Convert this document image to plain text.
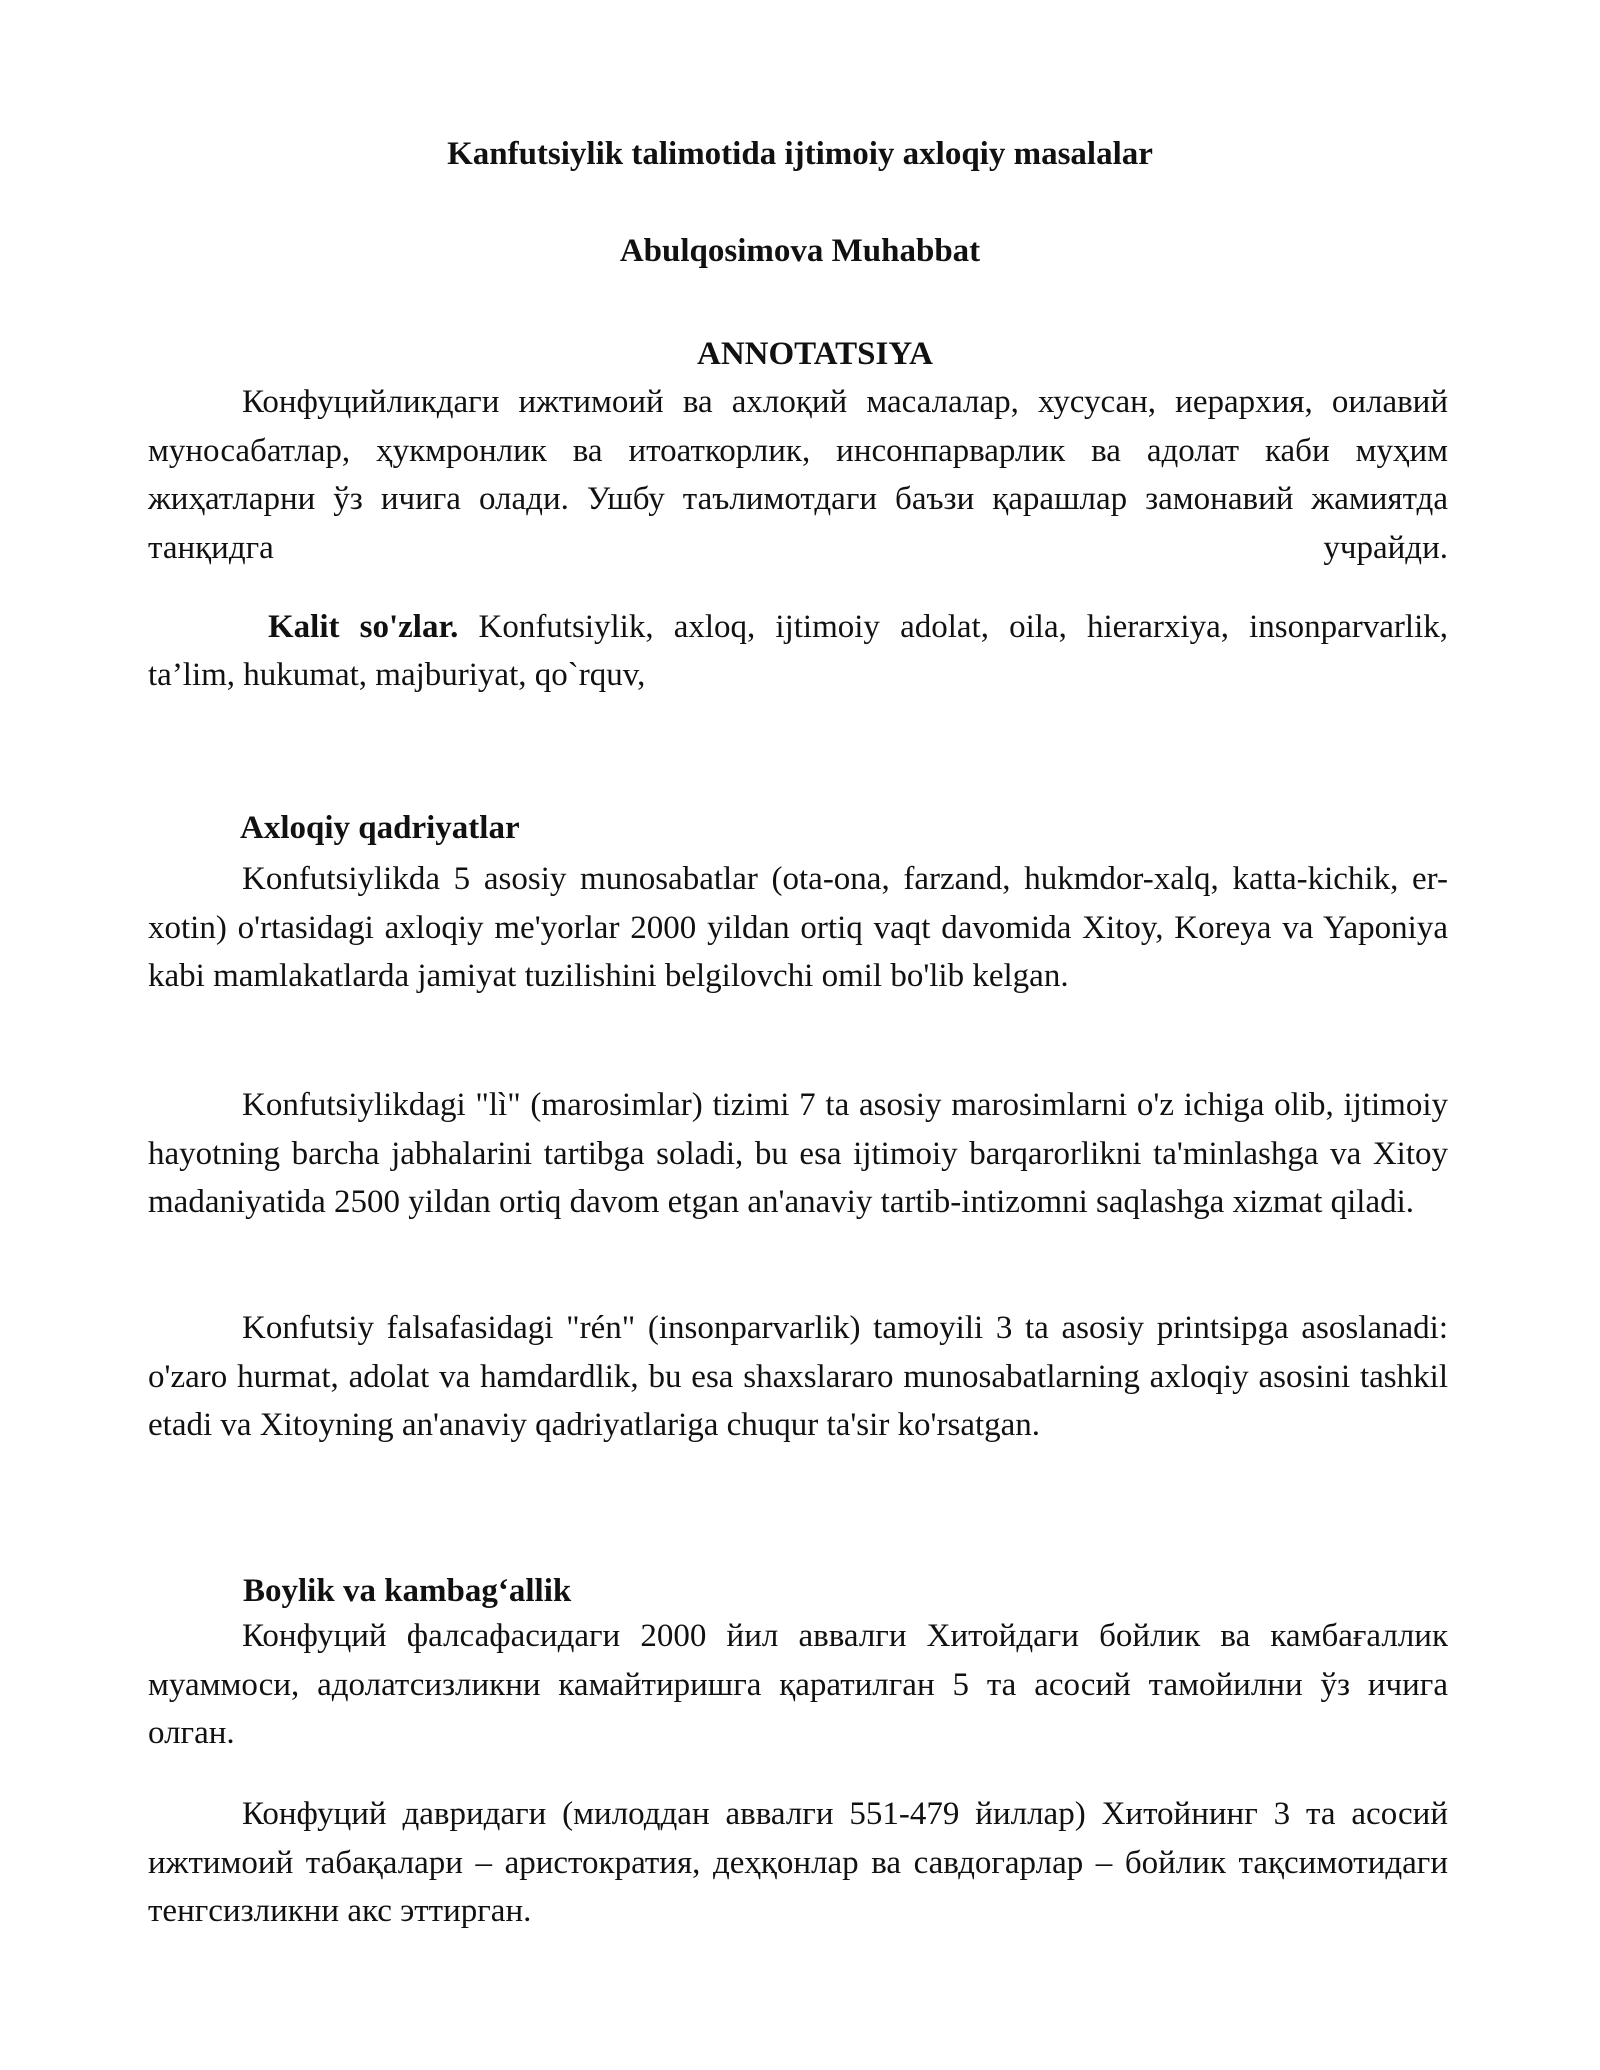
Kanfutsiylik talimotida ijtimoiy axloqiy masalalar
Abulqosimova Muhabbat
ANNOTATSIYA

Конфуцийликдаги ижтимоий ва ахлоқий масалалар, хусусан, иерархия, оилавий муносабатлар, ҳукмронлик ва итоаткорлик, инсонпарварлик ва адолат каби муҳим жиҳатларни ўз ичига олади. Ушбу таълимотдаги баъзи қарашлар замонавий жамиятда танқидга учрайди.

Kalit so'zlar. Konfutsiylik, axloq, ijtimoiy adolat, oila, hierarxiya, insonparvarlik, ta’lim, hukumat, majburiyat, qo`rquv,

Axloqiy qadriyatlar

Konfutsiylikda 5 asosiy munosabatlar (ota-ona, farzand, hukmdor-xalq, katta-kichik, er-xotin) o'rtasidagi axloqiy me'yorlar 2000 yildan ortiq vaqt davomida Xitoy, Koreya va Yaponiya kabi mamlakatlarda jamiyat tuzilishini belgilovchi omil bo'lib kelgan.

Konfutsiylikdagi "lì" (marosimlar) tizimi 7 ta asosiy marosimlarni o'z ichiga olib, ijtimoiy hayotning barcha jabhalarini tartibga soladi, bu esa ijtimoiy barqarorlikni ta'minlashga va Xitoy madaniyatida 2500 yildan ortiq davom etgan an'anaviy tartib-intizomni saqlashga xizmat qiladi.

Konfutsiy falsafasidagi "rén" (insonparvarlik) tamoyili 3 ta asosiy printsipga asoslanadi: o'zaro hurmat, adolat va hamdardlik, bu esa shaxslararo munosabatlarning axloqiy asosini tashkil etadi va Xitoyning an'anaviy qadriyatlariga chuqur ta'sir ko'rsatgan.

Boylik va kambag‘allik

Конфуций фалсафасидаги 2000 йил аввалги Хитойдаги бойлик ва камбағаллик муаммоси, адолатсизликни камайтиришга қаратилган 5 та асосий тамойилни ўз ичига олган.

Конфуций давридаги (милоддан аввалги 551-479 йиллар) Хитойнинг 3 та асосий ижтимоий табақалари – аристократия, деҳқонлар ва савдогарлар – бойлик тақсимотидаги тенгсизликни акс эттирган.
